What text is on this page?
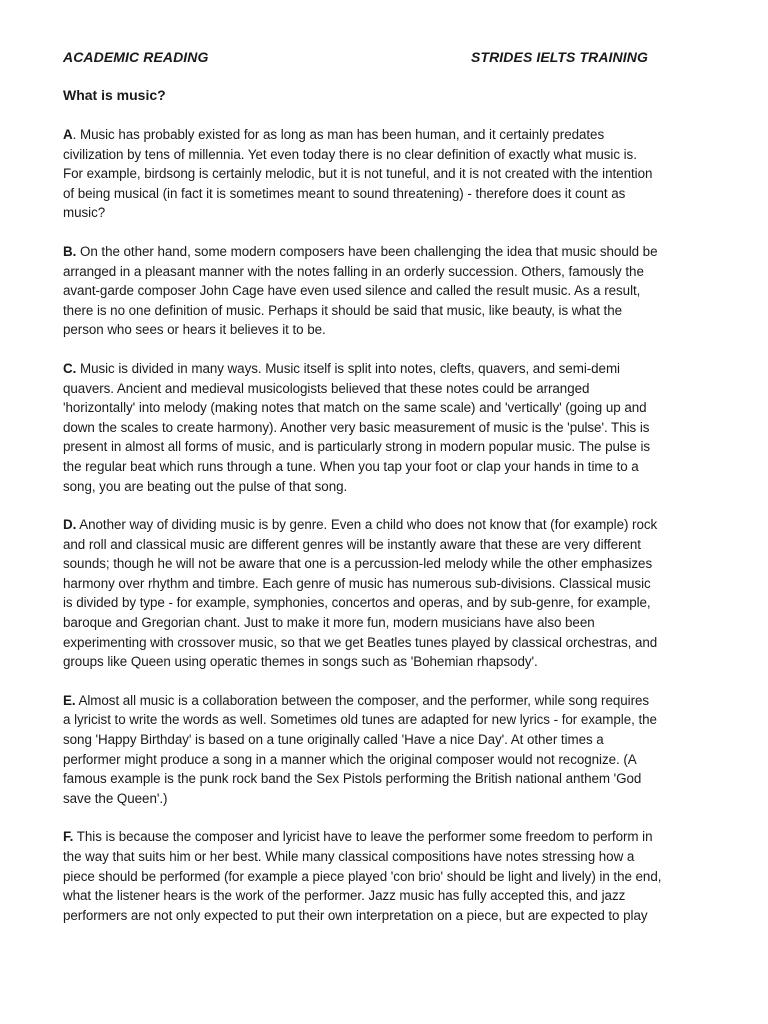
ACADEMIC READING	STRIDES IELTS TRAINING
What is music?
A. Music has probably existed for as long as man has been human, and it certainly predates
civilization by tens of millennia. Yet even today there is no clear definition of exactly what music is.
For example, birdsong is certainly melodic, but it is not tuneful, and it is not created with the intention
of being musical (in fact it is sometimes meant to sound threatening) - therefore does it count as
music?
B. On the other hand, some modern composers have been challenging the idea that music should be
arranged in a pleasant manner with the notes falling in an orderly succession. Others, famously the
avant-garde composer John Cage have even used silence and called the result music. As a result,
there is no one definition of music. Perhaps it should be said that music, like beauty, is what the
person who sees or hears it believes it to be.
C. Music is divided in many ways. Music itself is split into notes, clefts, quavers, and semi-demi
quavers. Ancient and medieval musicologists believed that these notes could be arranged
'horizontally' into melody (making notes that match on the same scale) and 'vertically' (going up and
down the scales to create harmony). Another very basic measurement of music is the 'pulse'. This is
present in almost all forms of music, and is particularly strong in modern popular music. The pulse is
the regular beat which runs through a tune. When you tap your foot or clap your hands in time to a
song, you are beating out the pulse of that song.
D. Another way of dividing music is by genre. Even a child who does not know that (for example) rock
and roll and classical music are different genres will be instantly aware that these are very different
sounds; though he will not be aware that one is a percussion-led melody while the other emphasizes
harmony over rhythm and timbre. Each genre of music has numerous sub-divisions. Classical music
is divided by type - for example, symphonies, concertos and operas, and by sub-genre, for example,
baroque and Gregorian chant. Just to make it more fun, modern musicians have also been
experimenting with crossover music, so that we get Beatles tunes played by classical orchestras, and
groups like Queen using operatic themes in songs such as 'Bohemian rhapsody'.
E. Almost all music is a collaboration between the composer, and the performer, while song requires
a lyricist to write the words as well. Sometimes old tunes are adapted for new lyrics - for example, the
song 'Happy Birthday' is based on a tune originally called 'Have a nice Day'. At other times a
performer might produce a song in a manner which the original composer would not recognize. (A
famous example is the punk rock band the Sex Pistols performing the British national anthem 'God
save the Queen'.)
F. This is because the composer and lyricist have to leave the performer some freedom to perform in
the way that suits him or her best. While many classical compositions have notes stressing how a
piece should be performed (for example a piece played 'con brio' should be light and lively) in the end,
what the listener hears is the work of the performer. Jazz music has fully accepted this, and jazz
performers are not only expected to put their own interpretation on a piece, but are expected to play
